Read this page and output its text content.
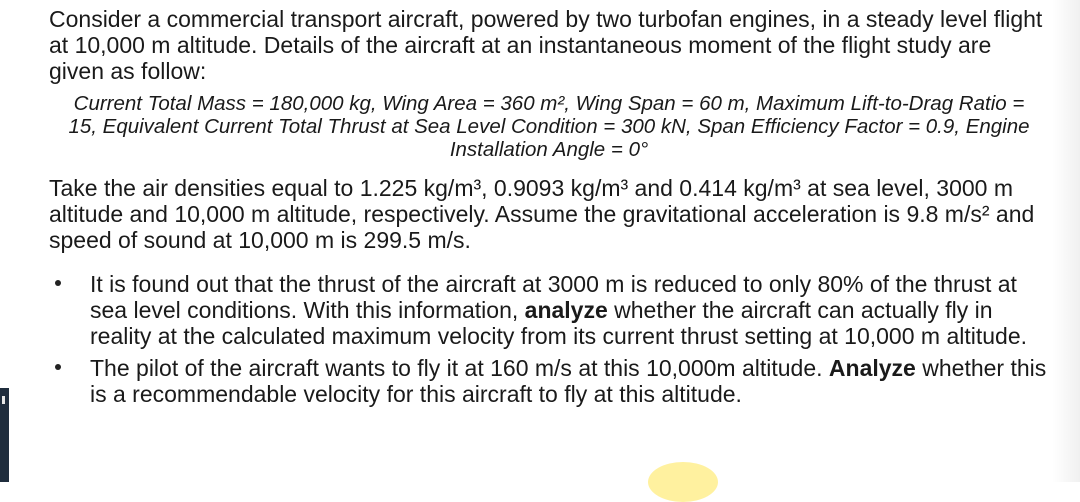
Consider a commercial transport aircraft, powered by two turbofan engines, in a steady level flight at 10,000 m altitude. Details of the aircraft at an instantaneous moment of the flight study are given as follow:

Current Total Mass = 180,000 kg, Wing Area = 360 m², Wing Span = 60 m, Maximum Lift-to-Drag Ratio = 15, Equivalent Current Total Thrust at Sea Level Condition = 300 kN, Span Efficiency Factor = 0.9, Engine Installation Angle = 0°

Take the air densities equal to 1.225 kg/m³, 0.9093 kg/m³ and 0.414 kg/m³ at sea level, 3000 m altitude and 10,000 m altitude, respectively. Assume the gravitational acceleration is 9.8 m/s² and speed of sound at 10,000 m is 299.5 m/s.

It is found out that the thrust of the aircraft at 3000 m is reduced to only 80% of the thrust at sea level conditions. With this information, analyze whether the aircraft can actually fly in reality at the calculated maximum velocity from its current thrust setting at 10,000 m altitude.
The pilot of the aircraft wants to fly it at 160 m/s at this 10,000m altitude. Analyze whether this is a recommendable velocity for this aircraft to fly at this altitude.
